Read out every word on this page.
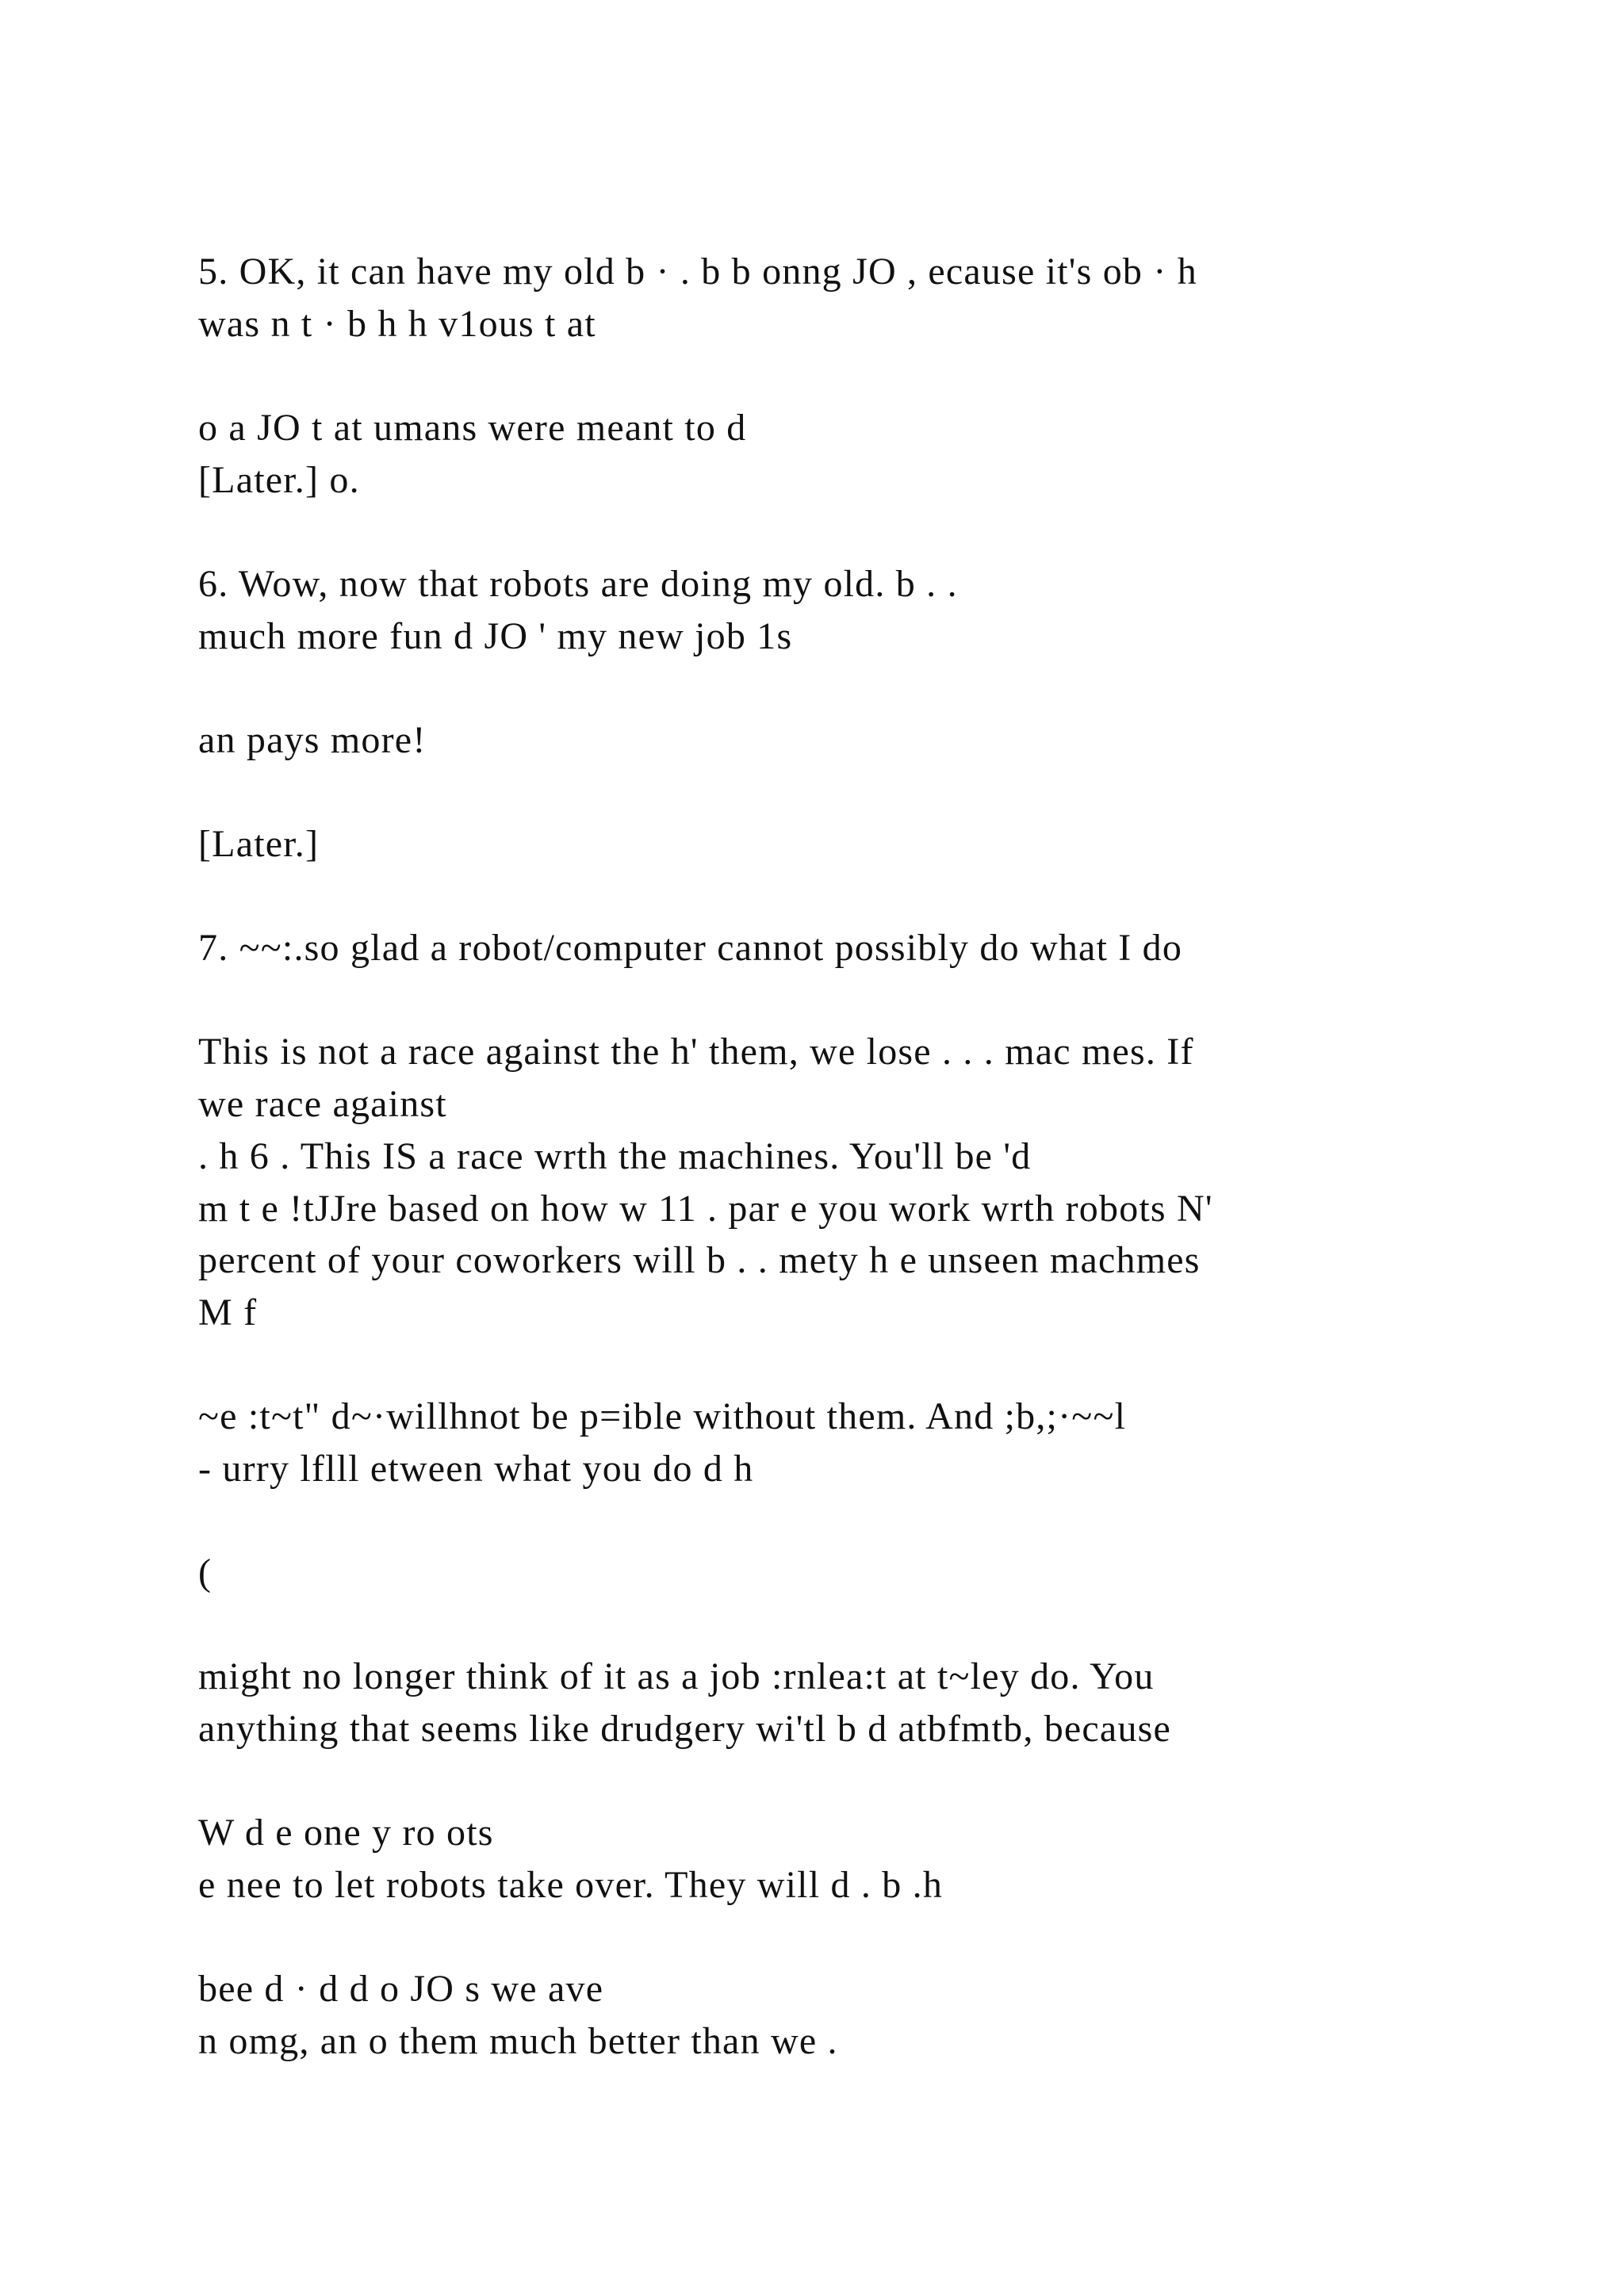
5. OK, it can have my old b · . b b onng JO , ecause it's ob · h

was n t · b h h v1ous t at

o a JO t at umans were meant to d

[Later.] o.

6. Wow, now that robots are doing my old. b . .

much more fun d JO ' my new job 1s

an pays more!

[Later.]

7. ~~:.so glad a robot/computer cannot possibly do what I do

This is not a race against the h' them, we lose . . . mac mes. If

we race against

. h 6 . This IS a race wrth the machines. You'll be 'd

m t e !tJJre based on how w 11 . par e you work wrth robots N'

percent of your coworkers will b . . mety h e unseen machmes

M f

~e :t~t" d~·willhnot be p=ible without them. And ;b,;·~~l

- urry lflll etween what you do d h

(

might no longer think of it as a job :rnlea:t at t~ley do. You

anything that seems like drudgery wi'tl b d atbfmtb, because

W d e one y ro ots

e nee to let robots take over. They will d . b .h

bee d · d d o JO s we ave

n omg, an o them much better than we .
